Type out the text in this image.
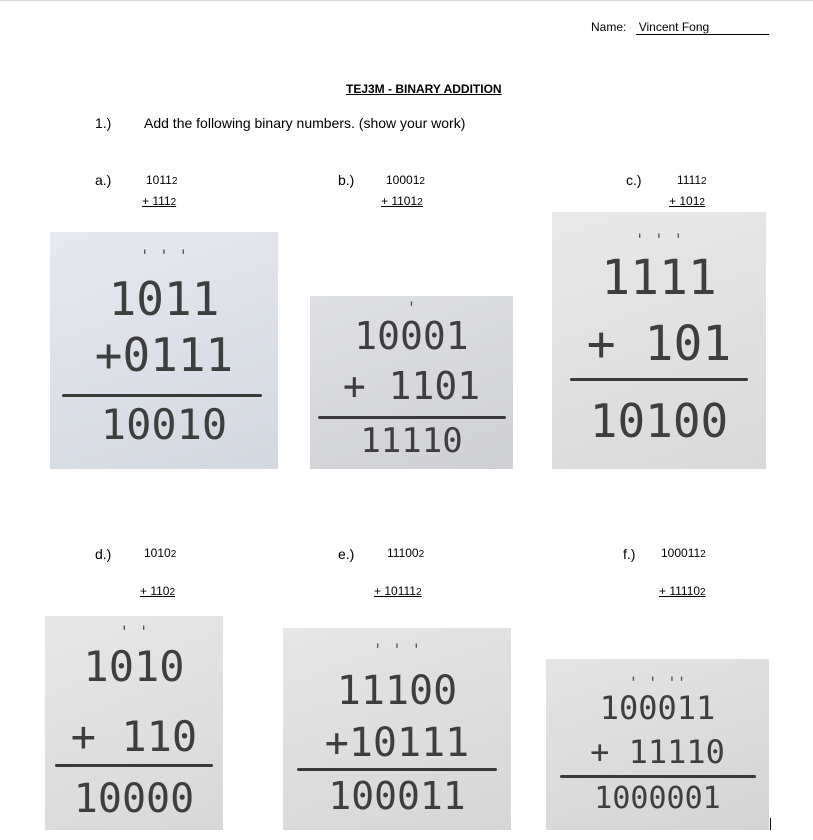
Name: Vincent Fong
TEJ3M - BINARY ADDITION
1.) Add the following binary numbers. (show your work)
a.)	10112
+ 1112
b.)	100012
+ 11012
c.)	11112
+ 1012
d.)	10102
+ 1102
e.)	111002
+ 101112
f.) 1000112
+ 111102
' ' '
1011
+0111
10010
'
10001
+ 1101
11110
' ' '
1111
+ 101
10100
' '
1010
+ 110
10000
' ' '
11100
+10111
100011
' ' ''
100011
+ 11110
1000001
